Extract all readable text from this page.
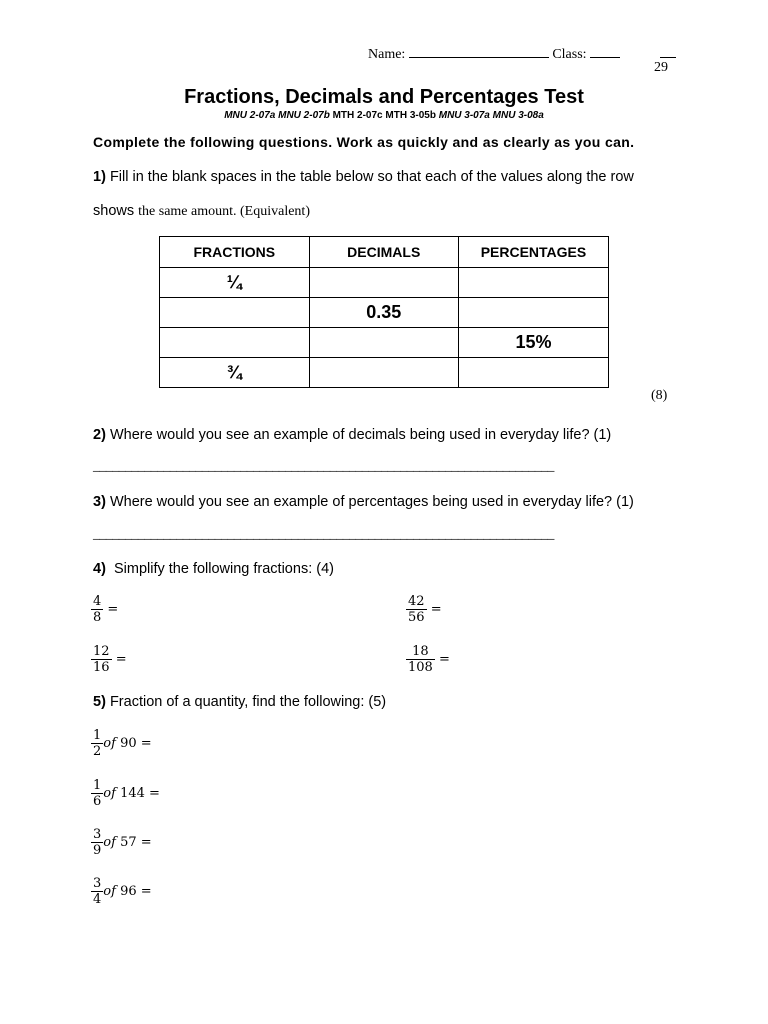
Name:	Class:
29
Fractions, Decimals and Percentages Test
MNU 2-07a MNU 2-07b MTH 2-07c MTH 3-05b MNU 3-07a MNU 3-08a
Complete the following questions. Work as quickly and as clearly as you can.
1) Fill in the blank spaces in the table below so that each of the values along the row
shows the same amount. (Equivalent)
FRACTIONS	DECIMALS	PERCENTAGES
¼		
	0.35	
		15%
¾		
(8)
2) Where would you see an example of decimals being used in everyday life? (1)
________________________________________________________________________
3) Where would you see an example of percentages being used in everyday life? (1)
________________________________________________________________________
4) Simplify the following fractions: (4)
$\frac{4}{8}$ =	$\frac{42}{56}$ =
$\frac{12}{16}$ =	$\frac{18}{108}$ =
5) Fraction of a quantity, find the following: (5)
$\frac{1}{2}$ of 90 =
$\frac{1}{6}$ of 144 =
$\frac{3}{9}$ of 57 =
$\frac{3}{4}$ of 96 =
